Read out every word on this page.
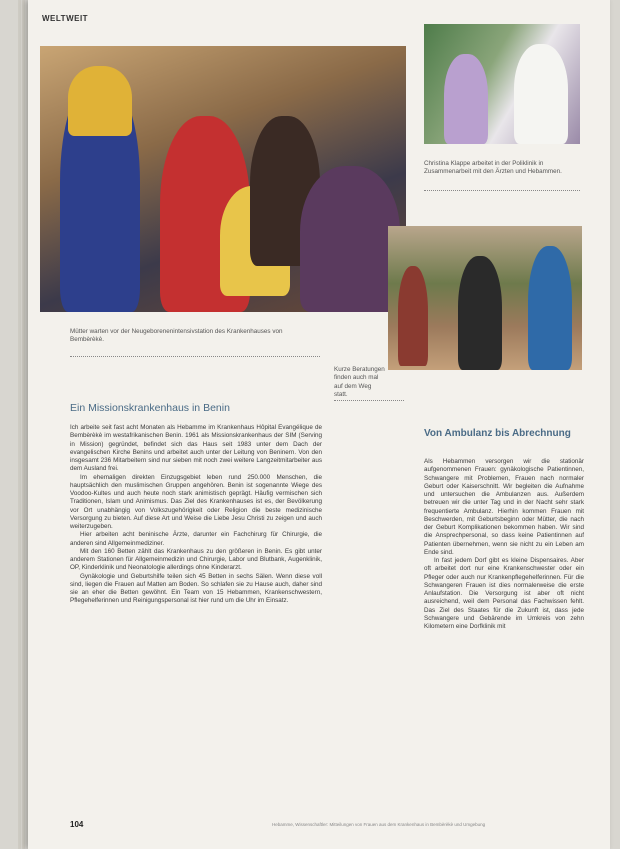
WELTWEIT
Christina Klappe arbeitet in der Poliklinik in Zusammenarbeit mit den Ärzten und Hebammen.
Kurze Beratungen finden auch mal auf dem Weg statt.
Mütter warten vor der Neugeborenenintensivstation des Krankenhauses von Bembèrèkè.
Ein Missionskrankenhaus in Benin

Ich arbeite seit fast acht Monaten als Hebamme im Krankenhaus Hôpital Evangélique de Bembèrèkè im westafrikanischen Benin. 1961 als Missionskrankenhaus der SIM (Serving in Mission) gegründet, befindet sich das Haus seit 1983 unter dem Dach der evangelischen Kirche Benins und arbeitet auch unter der Leitung von Beninern. Von den insgesamt 236 Mitarbeitern sind nur sieben mit noch zwei weitere Langzeitmitarbeiter aus dem Ausland frei.

Im ehemaligen direkten Einzugsgebiet leben rund 250.000 Menschen, die hauptsächlich den muslimischen Gruppen angehören. Benin ist sogenannte Wiege des Voodoo-Kultes und auch heute noch stark animistisch geprägt. Häufig vermischen sich Traditionen, Islam und Animismus. Das Ziel des Krankenhauses ist es, der Bevölkerung vor Ort unabhängig von Volkszugehörigkeit oder Religion die beste medizinische Versorgung zu bieten. Auf diese Art und Weise die Liebe Jesu Christi zu zeigen und auch weiterzugeben.

Hier arbeiten acht beninische Ärzte, darunter ein Fachchirurg für Chirurgie, die anderen sind Allgemeinmediziner.

Mit den 160 Betten zählt das Krankenhaus zu den größeren in Benin. Es gibt unter anderem Stationen für Allgemeinmedizin und Chirurgie, Labor und Blutbank, Augenklinik, OP, Kinderklinik und Neonatologie allerdings ohne Kinderarzt.

Gynäkologie und Geburtshilfe teilen sich 45 Betten in sechs Sälen. Wenn diese voll sind, liegen die Frauen auf Matten am Boden. So schlafen sie zu Hause auch, daher sind sie an eher die Betten gewöhnt. Ein Team von 15 Hebammen, Krankenschwestern, Pflegehelferinnen und Reinigungspersonal ist hier rund um die Uhr im Einsatz.

Von Ambulanz bis Abrechnung

Als Hebammen versorgen wir die stationär aufgenommenen Frauen: gynäkologische Patientinnen, Schwangere mit Problemen, Frauen nach normaler Geburt oder Kaiserschnitt. Wir begleiten die Aufnahme und untersuchen die Ambulanzen aus. Außerdem betreuen wir die unter Tag und in der Nacht sehr stark frequentierte Ambulanz. Hierhin kommen Frauen mit Beschwerden, mit Geburtsbeginn oder Mütter, die nach der Geburt Komplikationen bekommen haben. Wir sind die Ansprechpersonal, so dass keine Patientinnen auf Patienten übernehmen, wenn sie nicht zu ein Leben am Ende sind.

In fast jedem Dorf gibt es kleine Dispensaires. Aber oft arbeitet dort nur eine Krankenschwester oder ein Pfleger oder auch nur Krankenpflegehelferinnen. Für die Schwangeren Frauen ist dies normalerweise die erste Anlaufstation. Die Versorgung ist aber oft nicht ausreichend, weil dem Personal das Fachwissen fehlt. Das Ziel des Staates für die Zukunft ist, dass jede Schwangere und Gebärende im Umkreis von zehn Kilometern eine Dorfklinik mit

104	Hebamme, Wissenschaftler: Mitteilungen von Frauen aus dem Krankenhaus in Bembèrèkè und Umgebung
